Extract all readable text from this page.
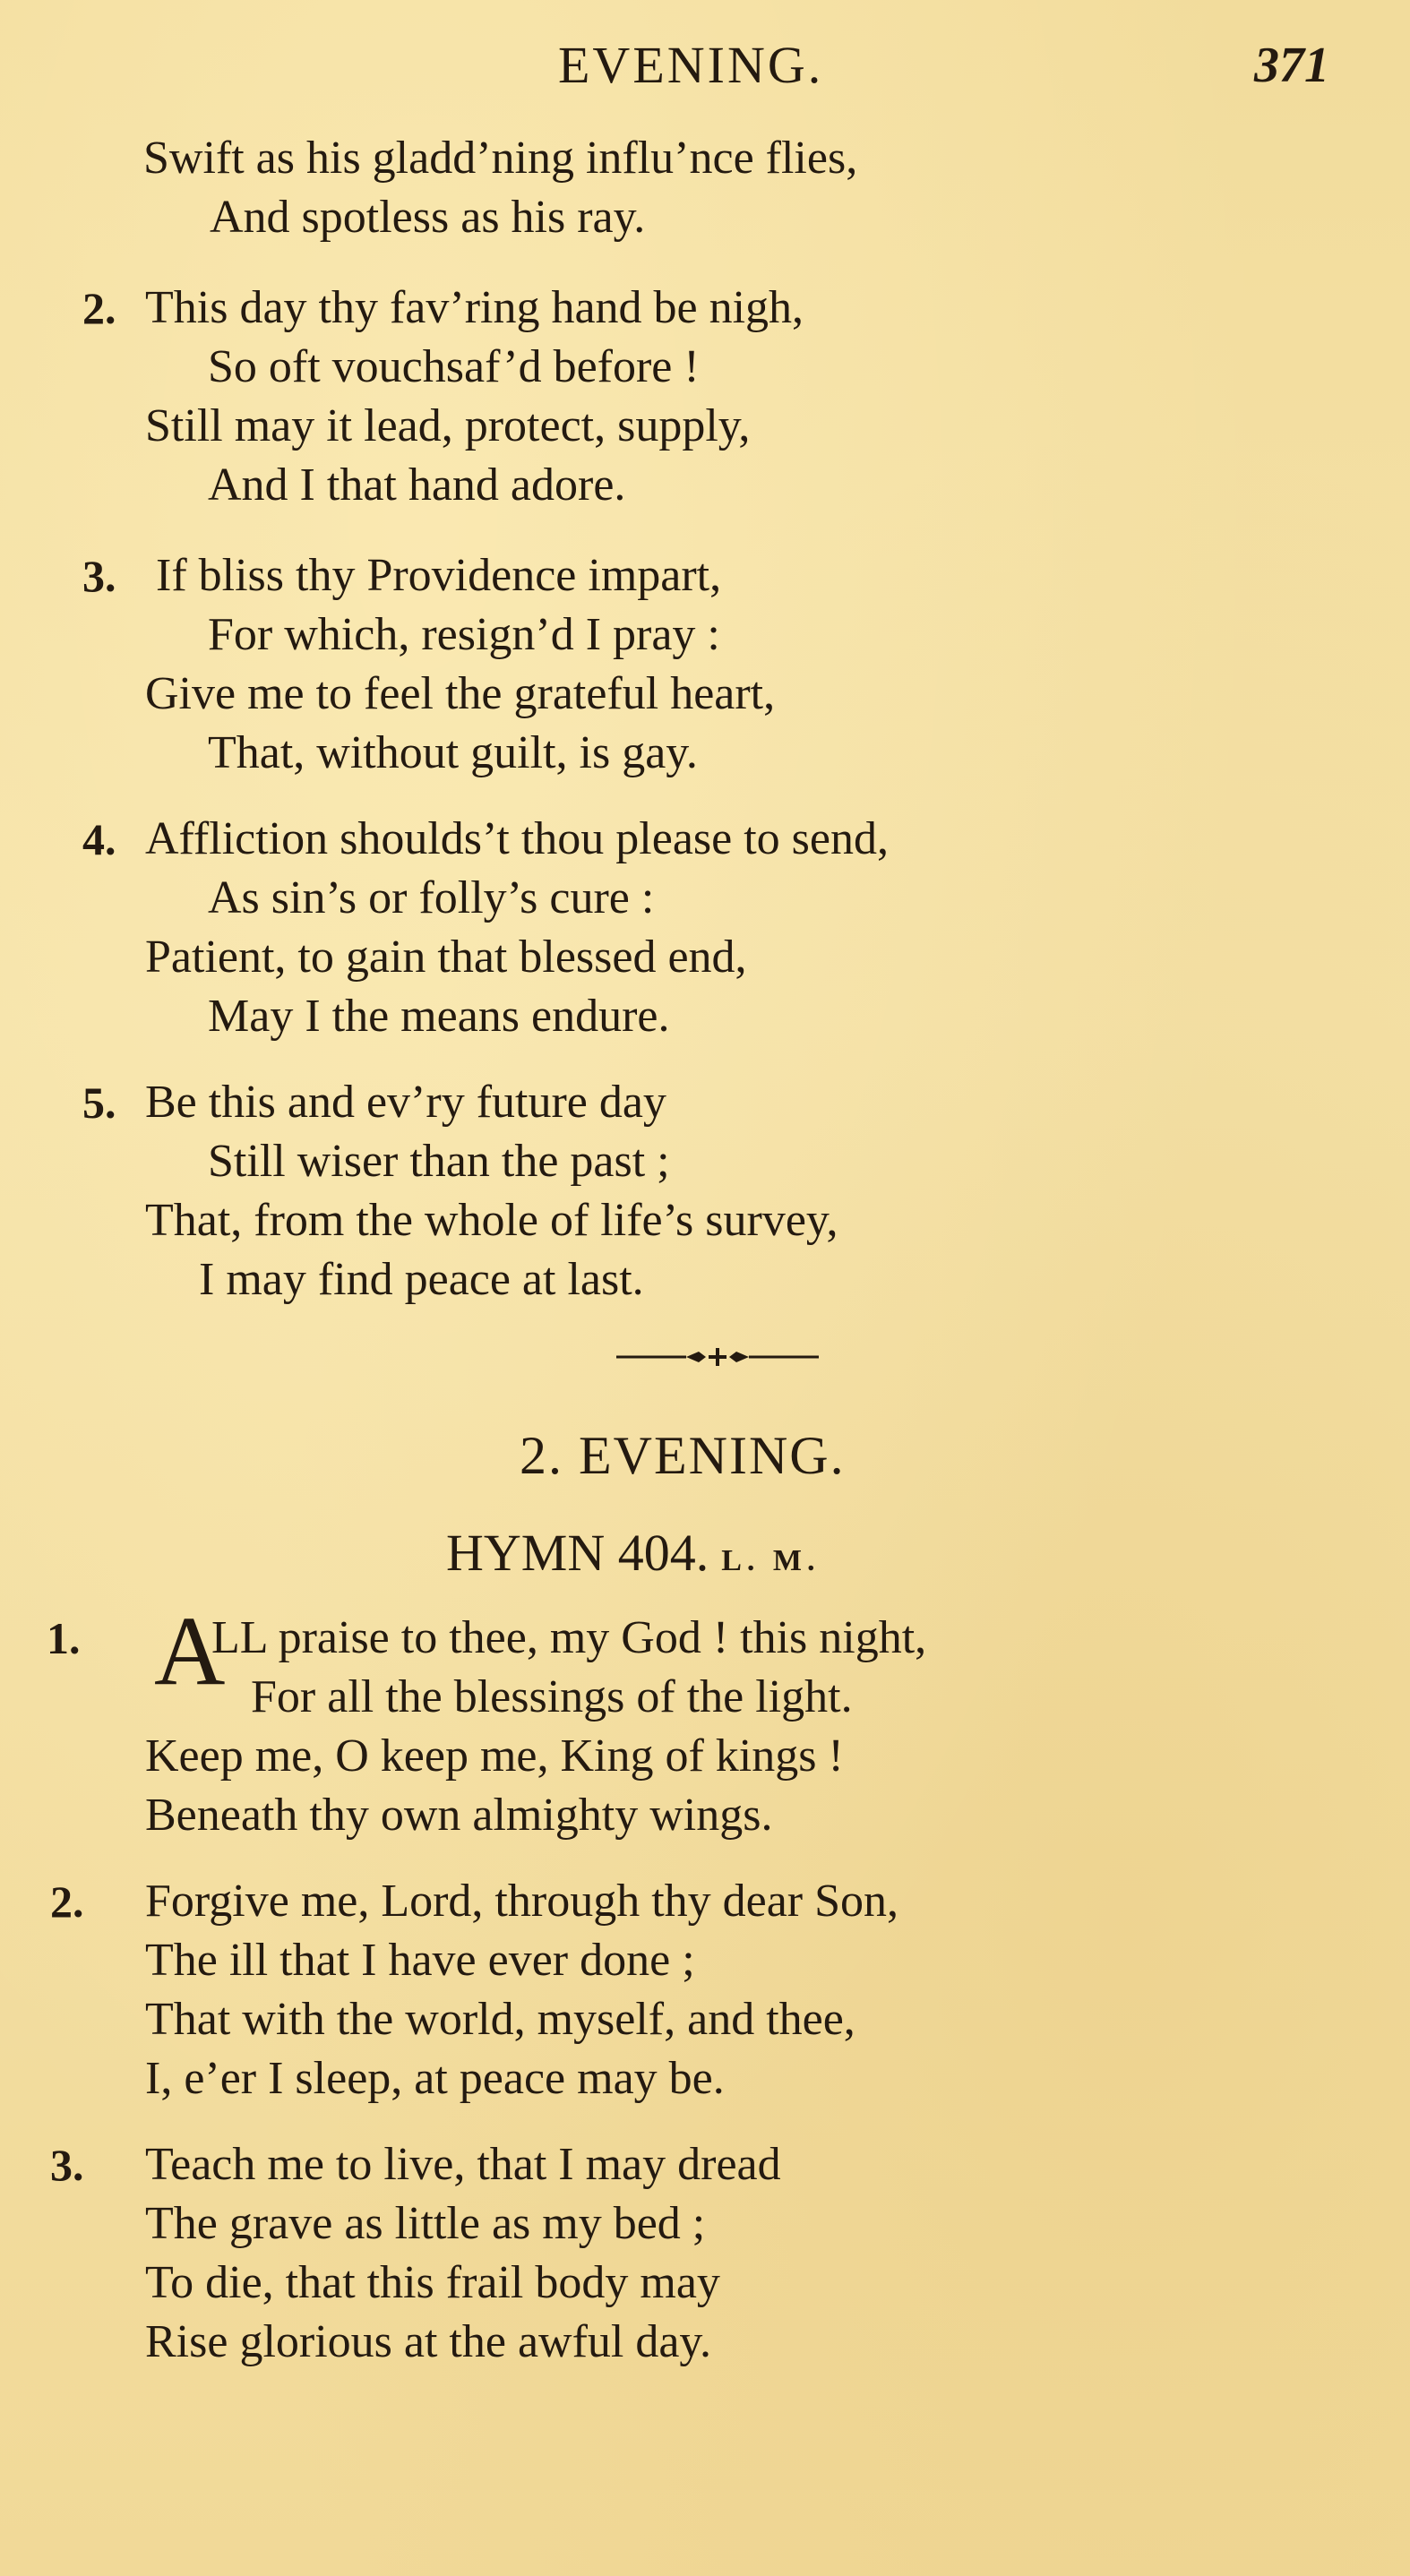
EVENING.	371
Swift as his gladd’ning influ’nce flies,
And spotless as his ray.
2. This day thy fav’ring hand be nigh,
So oft vouchsaf’d before !
Still may it lead, protect, supply,
And I that hand adore.
3. If bliss thy Providence impart,
For which, resign’d I pray :
Give me to feel the grateful heart,
That, without guilt, is gay.
4. Affliction shoulds’t thou please to send,
As sin’s or folly’s cure :
Patient, to gain that blessed end,
May I the means endure.
5. Be this and ev’ry future day
Still wiser than the past ;
That, from the whole of life’s survey,
I may find peace at last.
2. EVENING.
HYMN 404. L. M.
1. A
LL praise to thee, my God ! this night,
For all the blessings of the light.
Keep me, O keep me, King of kings !
Beneath thy own almighty wings.
2. Forgive me, Lord, through thy dear Son,
The ill that I have ever done ;
That with the world, myself, and thee,
I, e’er I sleep, at peace may be.
3. Teach me to live, that I may dread
The grave as little as my bed ;
To die, that this frail body may
Rise glorious at the awful day.
